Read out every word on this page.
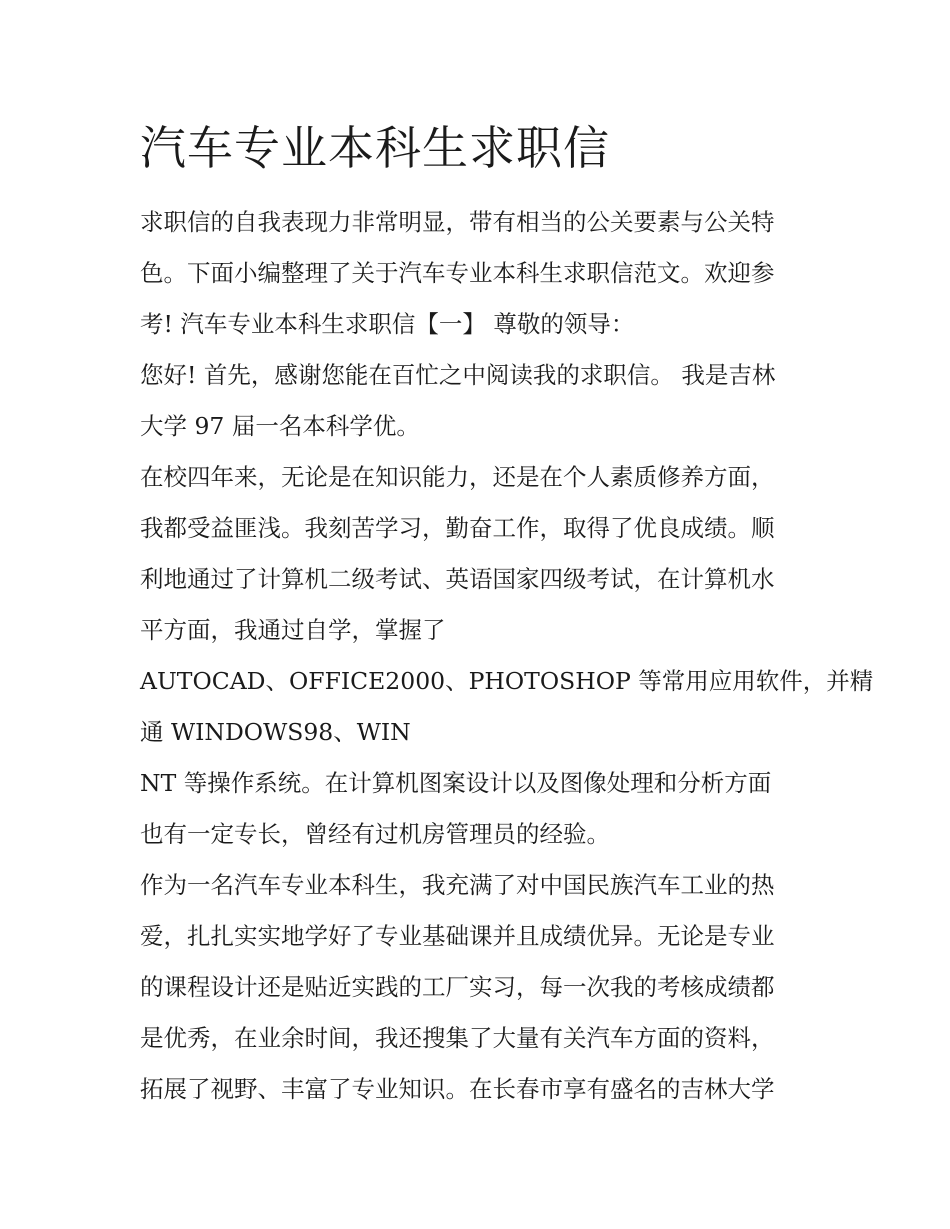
汽车专业本科生求职信
求职信的自我表现力非常明显，带有相当的公关要素与公关特
色。下面小编整理了关于汽车专业本科生求职信范文。欢迎参
考! 汽车专业本科生求职信【一】 尊敬的领导：
您好! 首先，感谢您能在百忙之中阅读我的求职信。 我是吉林
大学 97 届一名本科学优。
在校四年来，无论是在知识能力，还是在个人素质修养方面，
我都受益匪浅。我刻苦学习，勤奋工作，取得了优良成绩。顺
利地通过了计算机二级考试、英语国家四级考试，在计算机水
平方面，我通过自学，掌握了
AUTOCAD、OFFICE2000、PHOTOSHOP 等常用应用软件，并精
通 WINDOWS98、WIN
NT 等操作系统。在计算机图案设计以及图像处理和分析方面
也有一定专长，曾经有过机房管理员的经验。
作为一名汽车专业本科生，我充满了对中国民族汽车工业的热
爱，扎扎实实地学好了专业基础课并且成绩优异。无论是专业
的课程设计还是贴近实践的工厂实习，每一次我的考核成绩都
是优秀，在业余时间，我还搜集了大量有关汽车方面的资料，
拓展了视野、丰富了专业知识。在长春市享有盛名的吉林大学
